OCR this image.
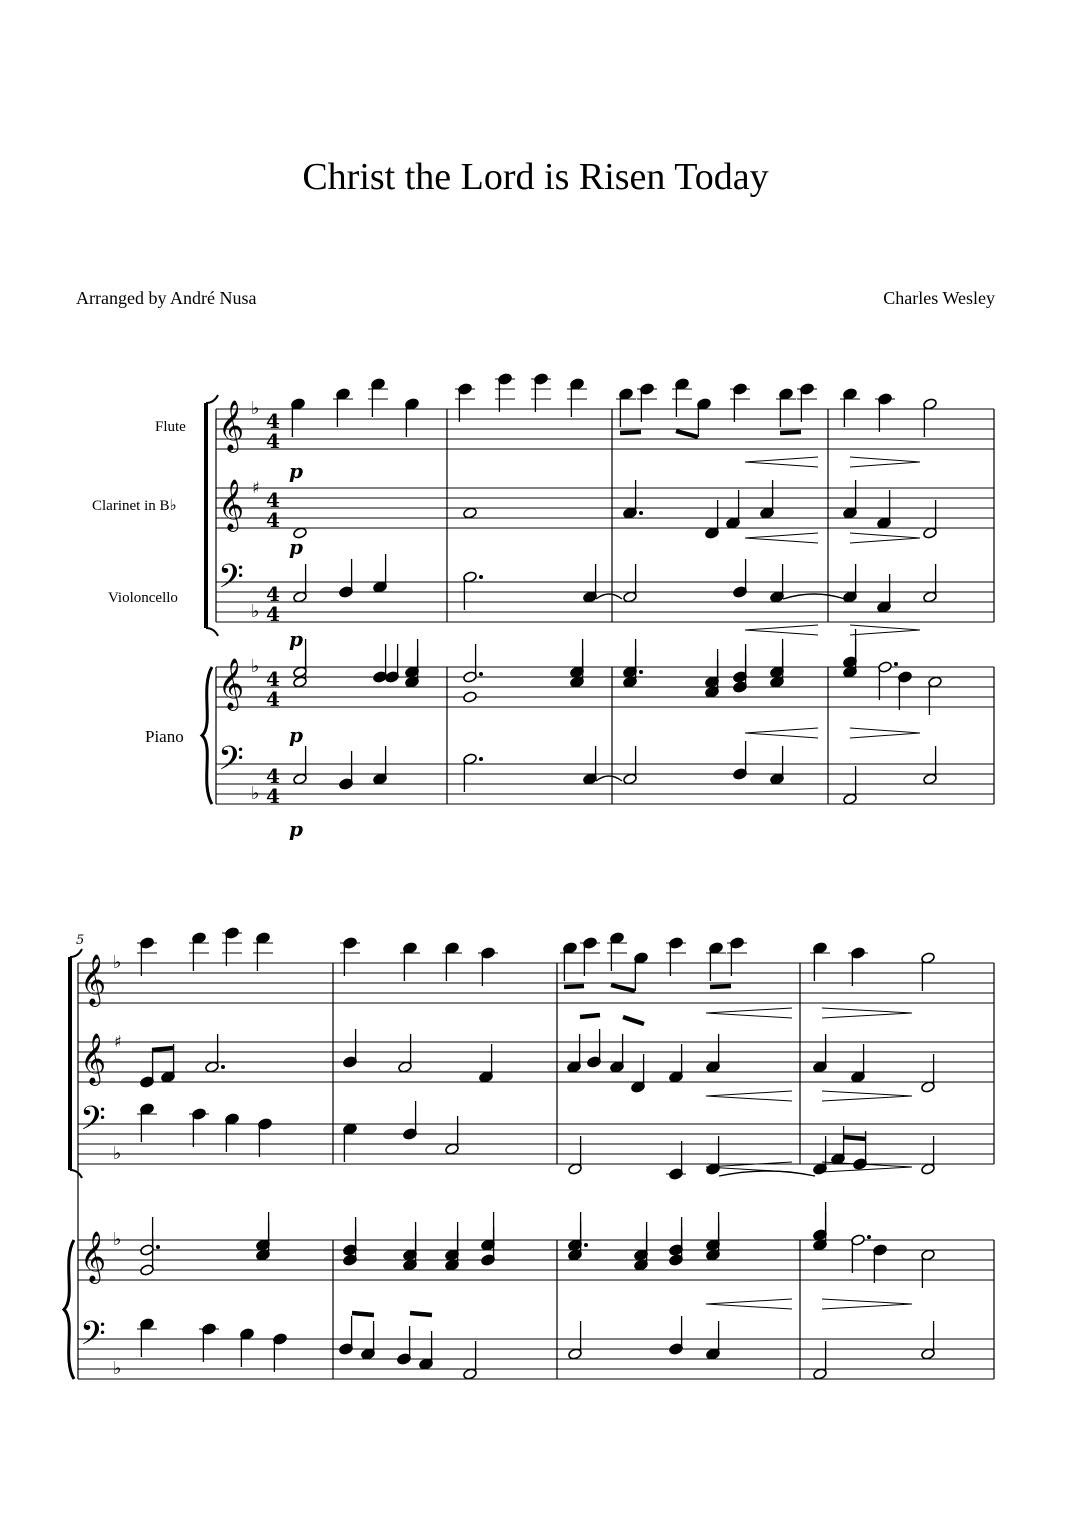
Christ the Lord is Risen Today
Arranged by André Nusa	Charles Wesley
Flute
Clarinet in B♭
Violoncello
Piano
𝄞 ♭
4
4
𝄞 ♯
4
4
𝄢
♭
4
4
𝄞 ♭
4
4
𝄢
♭
4
4
p
p
p
p
p
5
𝄞 ♭
𝄞 ♯
𝄢
♭
𝄞 ♭
𝄢
♭
